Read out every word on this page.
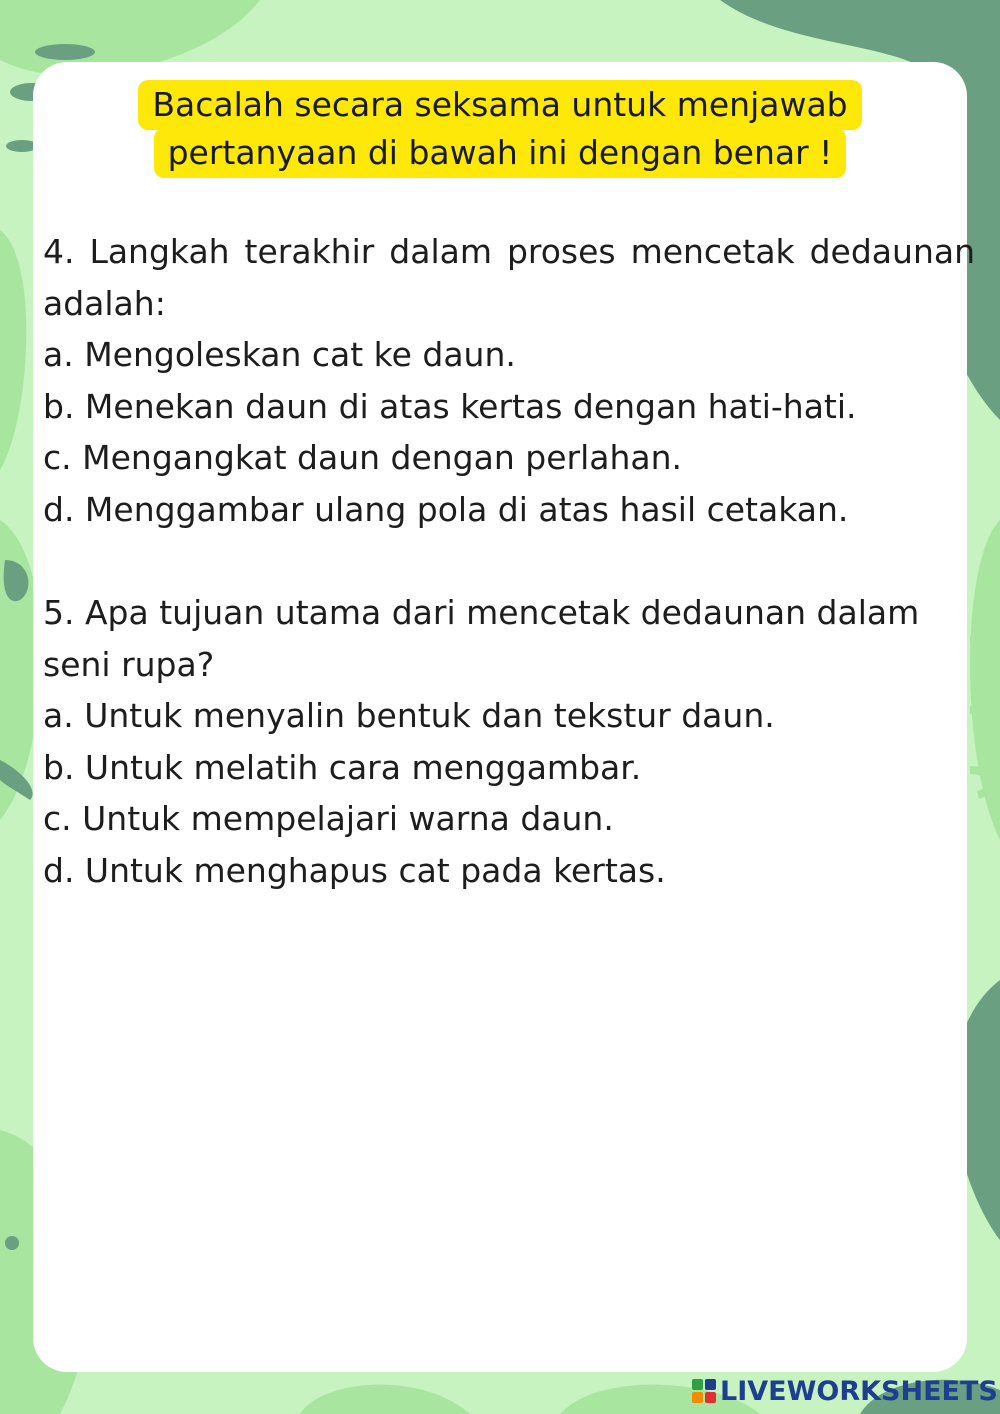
Bacalah secara seksama untuk menjawab
pertanyaan di bawah ini dengan benar !

4. Langkah terakhir dalam proses mencetak dedaunan adalah:

a. Mengoleskan cat ke daun.

b. Menekan daun di atas kertas dengan hati-hati.

c. Mengangkat daun dengan perlahan.

d. Menggambar ulang pola di atas hasil cetakan.

5. Apa tujuan utama dari mencetak dedaunan dalam seni rupa?

a. Untuk menyalin bentuk dan tekstur daun.

b. Untuk melatih cara menggambar.

c. Untuk mempelajari warna daun.

d. Untuk menghapus cat pada kertas.

LIVEWORKSHEETS
